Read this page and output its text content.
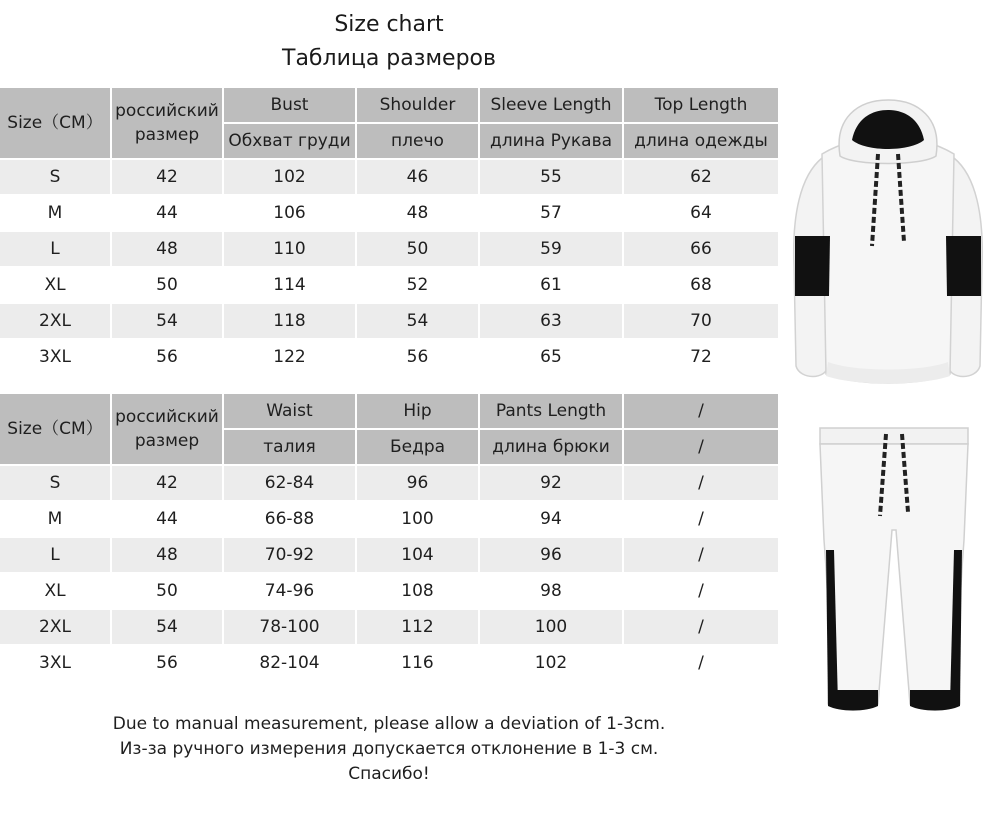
Size chart
Таблица размеров
Size（CM）	российский размер	Bust	Shoulder	Sleeve Length	Top Length
		Обхват груди	плечо	длина Рукава	длина одежды
S	42	102	46	55	62
M	44	106	48	57	64
L	48	110	50	59	66
XL	50	114	52	61	68
2XL	54	118	54	63	70
3XL	56	122	56	65	72
Size（CM）	российский размер	Waist	Hip	Pants Length	/
		талия	Бедра	длина брюки	/
S	42	62-84	96	92	/
M	44	66-88	100	94	/
L	48	70-92	104	96	/
XL	50	74-96	108	98	/
2XL	54	78-100	112	100	/
3XL	56	82-104	116	102	/
Due to manual measurement, please allow a deviation of 1-3cm.
Из-за ручного измерения допускается отклонение в 1-3 см.
Спасибо!
